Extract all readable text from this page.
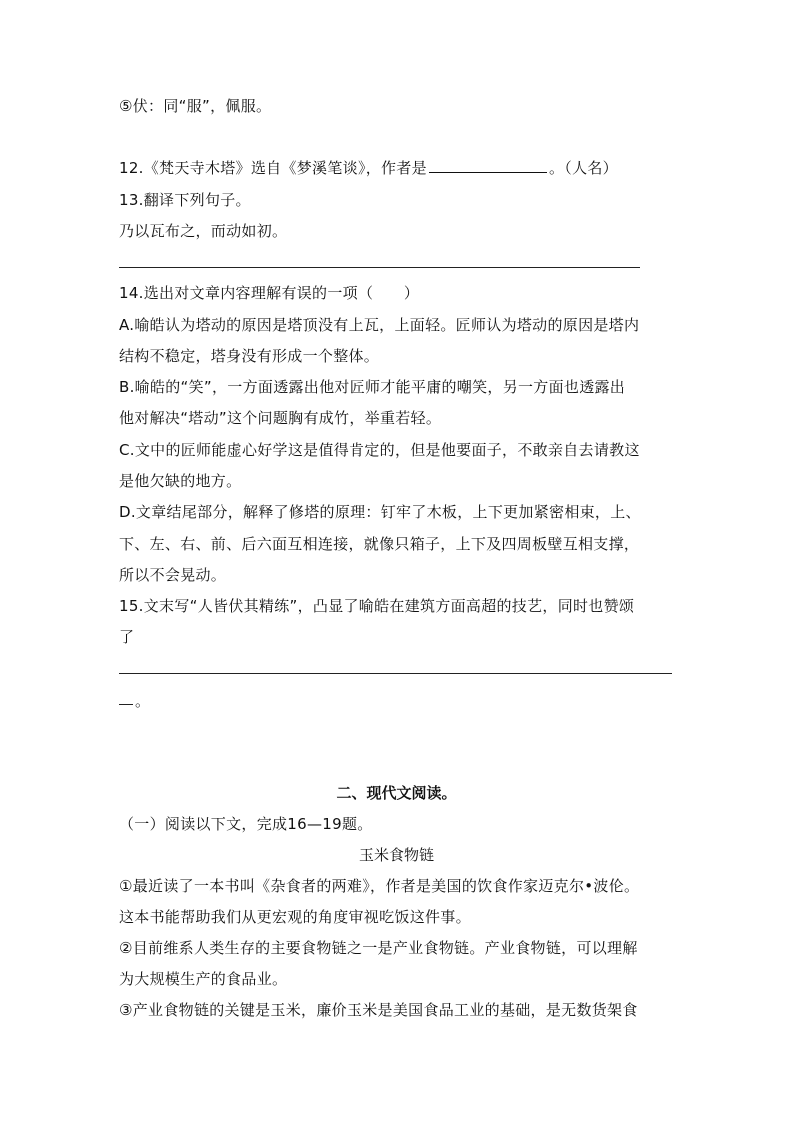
⑤伏：同“服”，佩服。
12.《梵天寺木塔》选自《梦溪笔谈》，作者是	。（人名）
13.翻译下列句子。
乃以瓦布之，而动如初。
14.选出对文章内容理解有误的一项（　　）
A.喻皓认为塔动的原因是塔顶没有上瓦，上面轻。匠师认为塔动的原因是塔内
结构不稳定，塔身没有形成一个整体。
B.喻皓的“笑”，一方面透露出他对匠师才能平庸的嘲笑，另一方面也透露出
他对解决“塔动”这个问题胸有成竹，举重若轻。
C.文中的匠师能虚心好学这是值得肯定的，但是他要面子，不敢亲自去请教这
是他欠缺的地方。
D.文章结尾部分，解释了修塔的原理：钉牢了木板，上下更加紧密相束，上、
下、左、右、前、后六面互相连接，就像只箱子，上下及四周板壁互相支撑，
所以不会晃动。
15.文末写“人皆伏其精练”，凸显了喻皓在建筑方面高超的技艺，同时也赞颂
了
。
二、现代文阅读。
（一）阅读以下文，完成16—19题。
玉米食物链
①最近读了一本书叫《杂食者的两难》，作者是美国的饮食作家迈克尔•波伦。
这本书能帮助我们从更宏观的角度审视吃饭这件事。
②目前维系人类生存的主要食物链之一是产业食物链。产业食物链，可以理解
为大规模生产的食品业。
③产业食物链的关键是玉米，廉价玉米是美国食品工业的基础，是无数货架食
